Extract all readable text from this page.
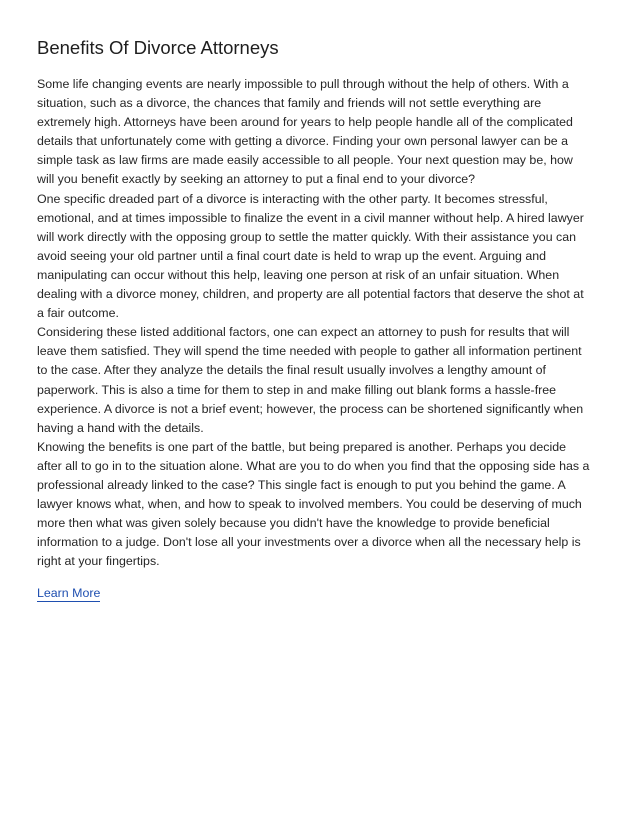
Benefits Of Divorce Attorneys
Some life changing events are nearly impossible to pull through without the help of others. With a
situation, such as a divorce, the chances that family and friends will not settle everything are
extremely high. Attorneys have been around for years to help people handle all of the complicated
details that unfortunately come with getting a divorce. Finding your own personal lawyer can be a
simple task as law firms are made easily accessible to all people. Your next question may be, how
will you benefit exactly by seeking an attorney to put a final end to your divorce?
One specific dreaded part of a divorce is interacting with the other party. It becomes stressful,
emotional, and at times impossible to finalize the event in a civil manner without help. A hired lawyer
will work directly with the opposing group to settle the matter quickly. With their assistance you can
avoid seeing your old partner until a final court date is held to wrap up the event. Arguing and
manipulating can occur without this help, leaving one person at risk of an unfair situation. When
dealing with a divorce money, children, and property are all potential factors that deserve the shot at
a fair outcome.
Considering these listed additional factors, one can expect an attorney to push for results that will
leave them satisfied. They will spend the time needed with people to gather all information pertinent
to the case. After they analyze the details the final result usually involves a lengthy amount of
paperwork. This is also a time for them to step in and make filling out blank forms a hassle-free
experience. A divorce is not a brief event; however, the process can be shortened significantly when
having a hand with the details.
Knowing the benefits is one part of the battle, but being prepared is another. Perhaps you decide
after all to go in to the situation alone. What are you to do when you find that the opposing side has a
professional already linked to the case? This single fact is enough to put you behind the game. A
lawyer knows what, when, and how to speak to involved members. You could be deserving of much
more then what was given solely because you didn't have the knowledge to provide beneficial
information to a judge. Don't lose all your investments over a divorce when all the necessary help is
right at your fingertips.
Learn More
